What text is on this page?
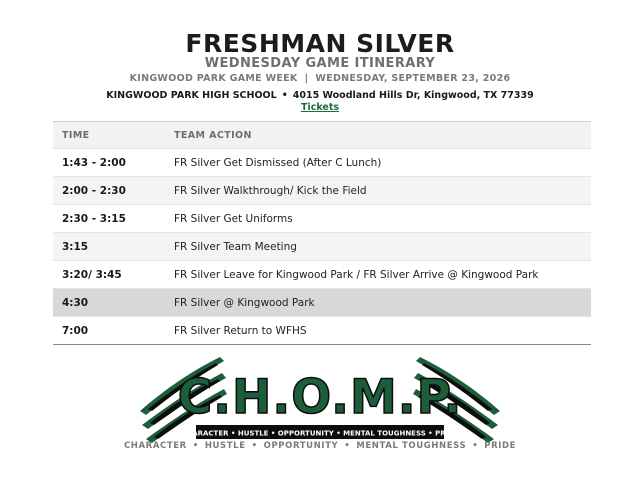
FRESHMAN SILVER
WEDNESDAY GAME ITINERARY
KINGWOOD PARK GAME WEEK | WEDNESDAY, SEPTEMBER 23, 2026
KINGWOOD PARK HIGH SCHOOL • 4015 Woodland Hills Dr, Kingwood, TX 77339
Tickets
TIME	TEAM ACTION
1:43 - 2:00	FR Silver Get Dismissed (After C Lunch)
2:00 - 2:30	FR Silver Walkthrough/ Kick the Field
2:30 - 3:15	FR Silver Get Uniforms
3:15	FR Silver Team Meeting
3:20/ 3:45	FR Silver Leave for Kingwood Park / FR Silver Arrive @ Kingwood Park
4:30	FR Silver @ Kingwood Park
7:00	FR Silver Return to WFHS
C.H.O.M.P.
CHARACTER • HUSTLE • OPPORTUNITY • MENTAL TOUGHNESS • PRIDE
CHARACTER • HUSTLE • OPPORTUNITY • MENTAL TOUGHNESS • PRIDE
